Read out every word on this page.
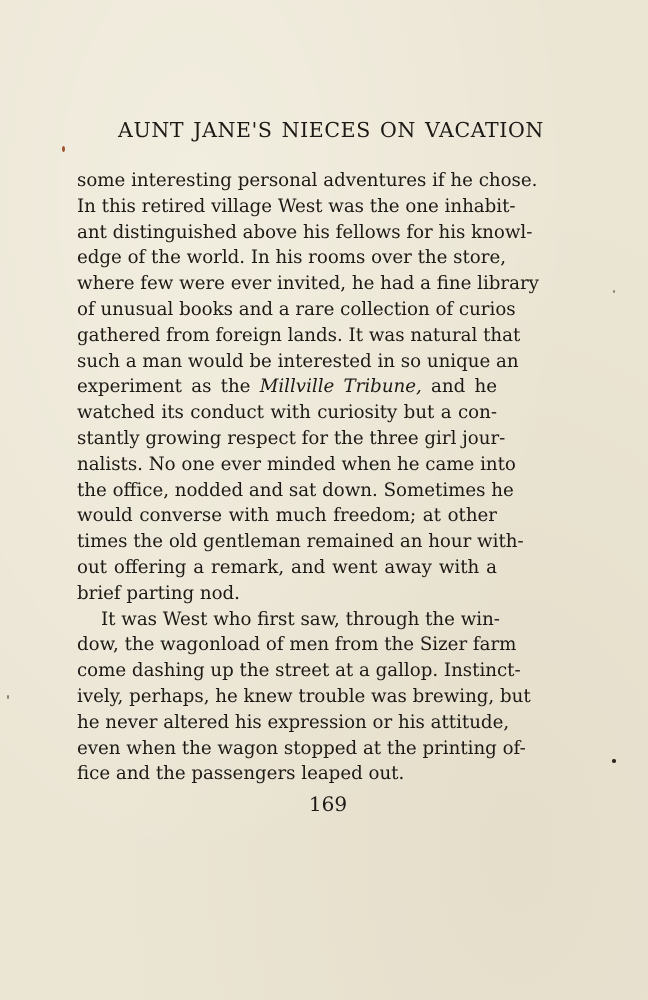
AUNT JANE'S NIECES ON VACATION
some interesting personal adventures if he chose.
In this retired village West was the one inhabit-
ant distinguished above his fellows for his knowl-
edge of the world. In his rooms over the store,
where few were ever invited, he had a fine library
of unusual books and a rare collection of curios
gathered from foreign lands. It was natural that
such a man would be interested in so unique an
experiment as the Millville Tribune, and he
watched its conduct with curiosity but a con-
stantly growing respect for the three girl jour-
nalists. No one ever minded when he came into
the office, nodded and sat down. Sometimes he
would converse with much freedom; at other
times the old gentleman remained an hour with-
out offering a remark, and went away with a
brief parting nod.
It was West who first saw, through the win-
dow, the wagonload of men from the Sizer farm
come dashing up the street at a gallop. Instinct-
ively, perhaps, he knew trouble was brewing, but
he never altered his expression or his attitude,
even when the wagon stopped at the printing of-
fice and the passengers leaped out.
169
